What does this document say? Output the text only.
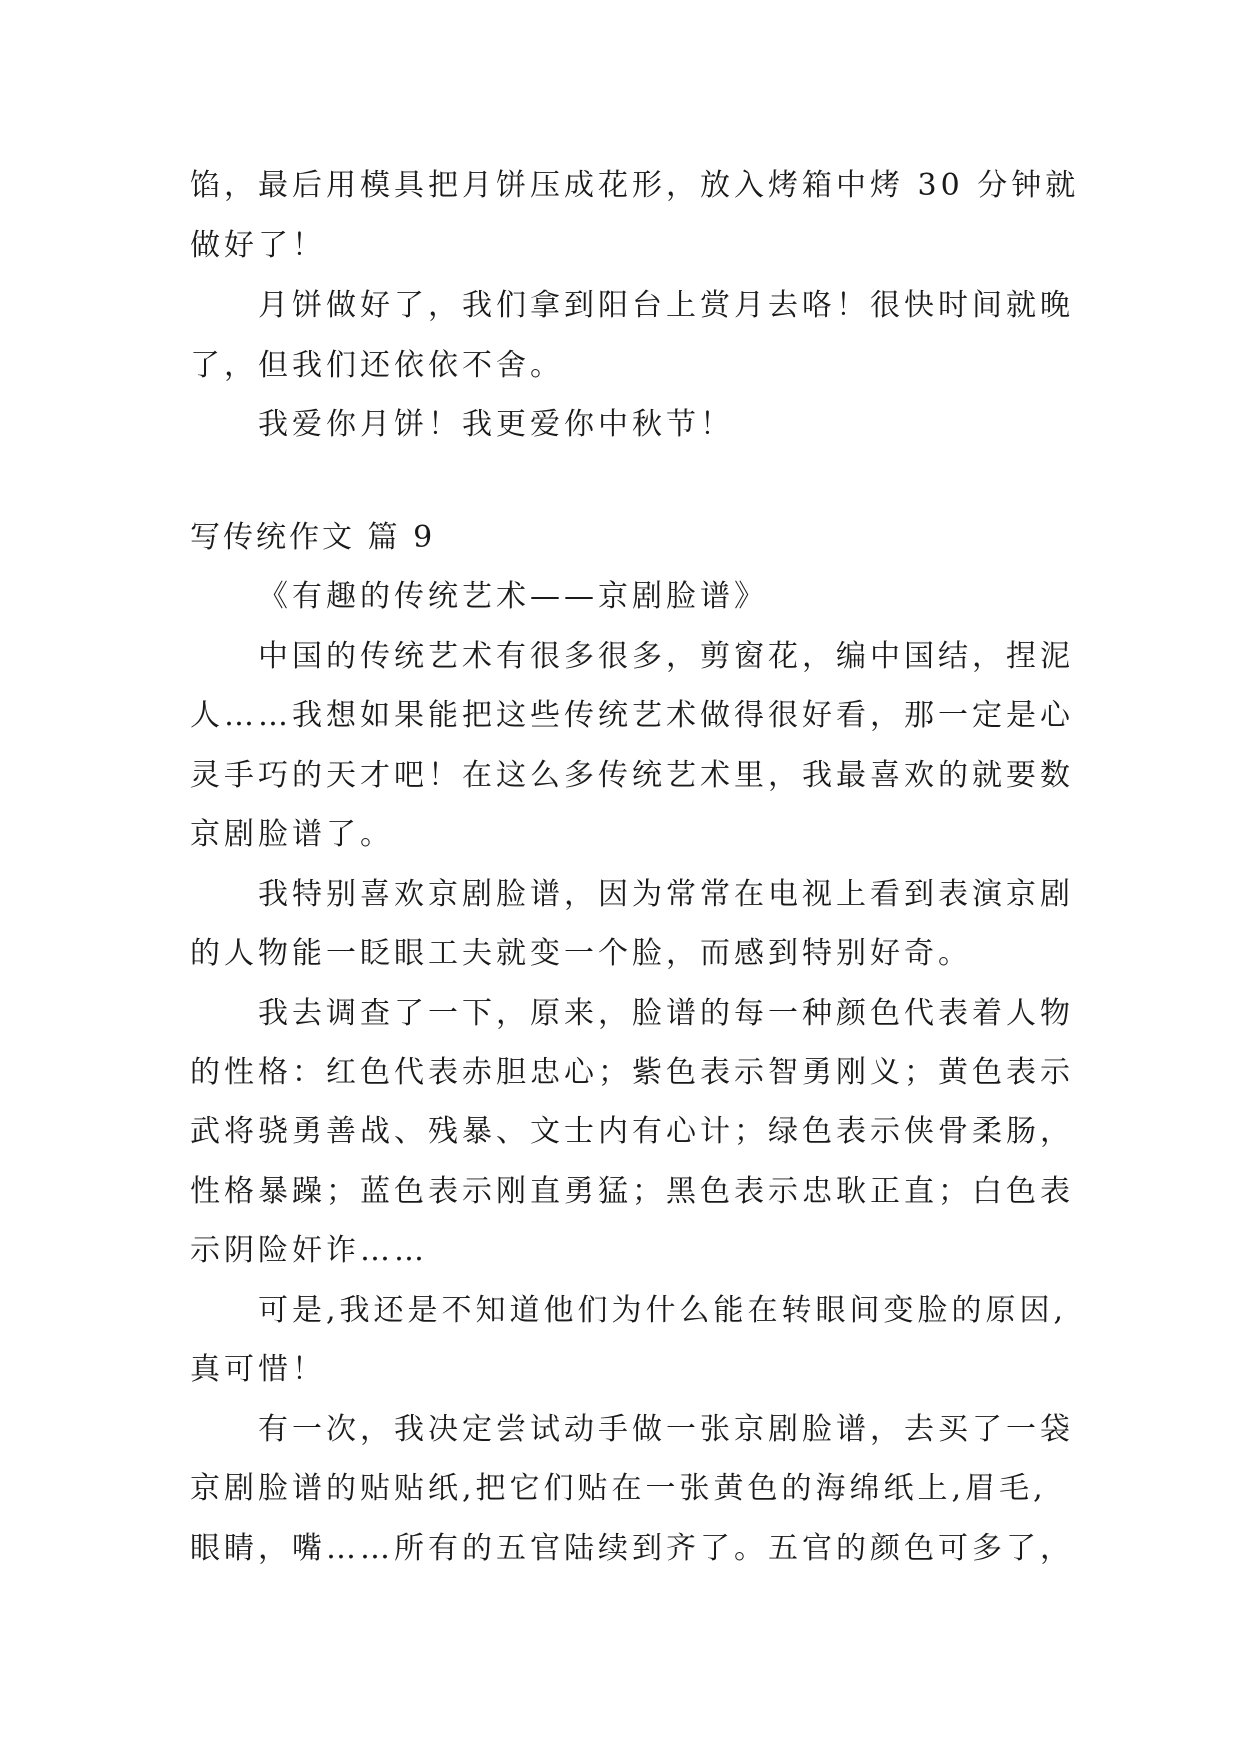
馅，最后用模具把月饼压成花形，放入烤箱中烤 30 分钟就
做好了！
月饼做好了，我们拿到阳台上赏月去咯！很快时间就晚
了，但我们还依依不舍。
我爱你月饼！我更爱你中秋节！
写传统作文 篇 9
《有趣的传统艺术——京剧脸谱》
中国的传统艺术有很多很多，剪窗花，编中国结，捏泥
人……我想如果能把这些传统艺术做得很好看，那一定是心
灵手巧的天才吧！在这么多传统艺术里，我最喜欢的就要数
京剧脸谱了。
我特别喜欢京剧脸谱，因为常常在电视上看到表演京剧
的人物能一眨眼工夫就变一个脸，而感到特别好奇。
我去调查了一下，原来，脸谱的每一种颜色代表着人物
的性格：红色代表赤胆忠心；紫色表示智勇刚义；黄色表示
武将骁勇善战、残暴、文士内有心计；绿色表示侠骨柔肠，
性格暴躁；蓝色表示刚直勇猛；黑色表示忠耿正直；白色表
示阴险奸诈……
可是,我还是不知道他们为什么能在转眼间变脸的原因,
真可惜！
有一次，我决定尝试动手做一张京剧脸谱，去买了一袋
京剧脸谱的贴贴纸,把它们贴在一张黄色的海绵纸上,眉毛,
眼睛，嘴……所有的五官陆续到齐了。五官的颜色可多了，
